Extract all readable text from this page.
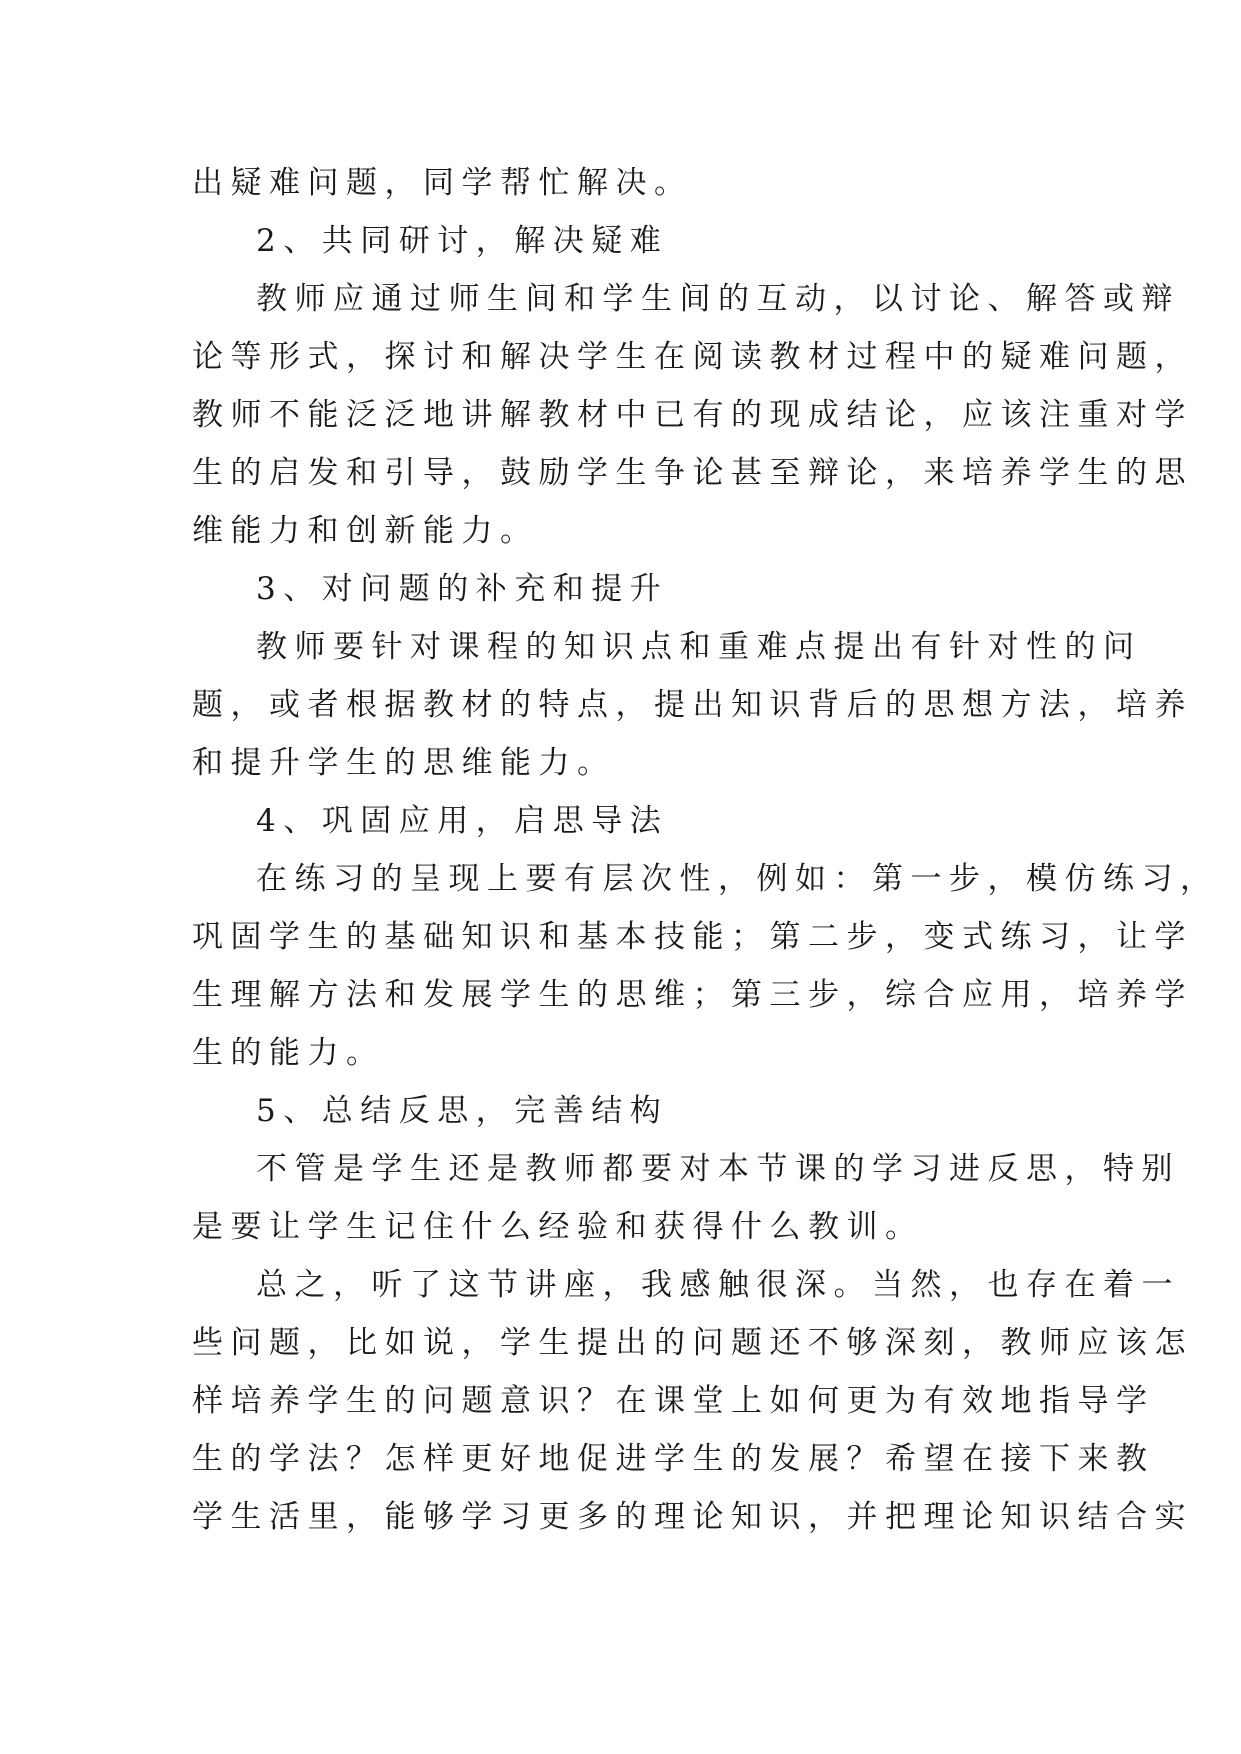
出疑难问题，同学帮忙解决。
2、共同研讨，解决疑难
教师应通过师生间和学生间的互动，以讨论、解答或辩
论等形式，探讨和解决学生在阅读教材过程中的疑难问题，
教师不能泛泛地讲解教材中已有的现成结论，应该注重对学
生的启发和引导，鼓励学生争论甚至辩论，来培养学生的思
维能力和创新能力。
3、对问题的补充和提升
教师要针对课程的知识点和重难点提出有针对性的问
题，或者根据教材的特点，提出知识背后的思想方法，培养
和提升学生的思维能力。
4、巩固应用，启思导法
在练习的呈现上要有层次性，例如：第一步，模仿练习，
巩固学生的基础知识和基本技能；第二步，变式练习，让学
生理解方法和发展学生的思维；第三步，综合应用，培养学
生的能力。
5、总结反思，完善结构
不管是学生还是教师都要对本节课的学习进反思，特别
是要让学生记住什么经验和获得什么教训。
总之，听了这节讲座，我感触很深。当然，也存在着一
些问题，比如说，学生提出的问题还不够深刻，教师应该怎
样培养学生的问题意识？在课堂上如何更为有效地指导学
生的学法？怎样更好地促进学生的发展？希望在接下来教
学生活里，能够学习更多的理论知识，并把理论知识结合实
